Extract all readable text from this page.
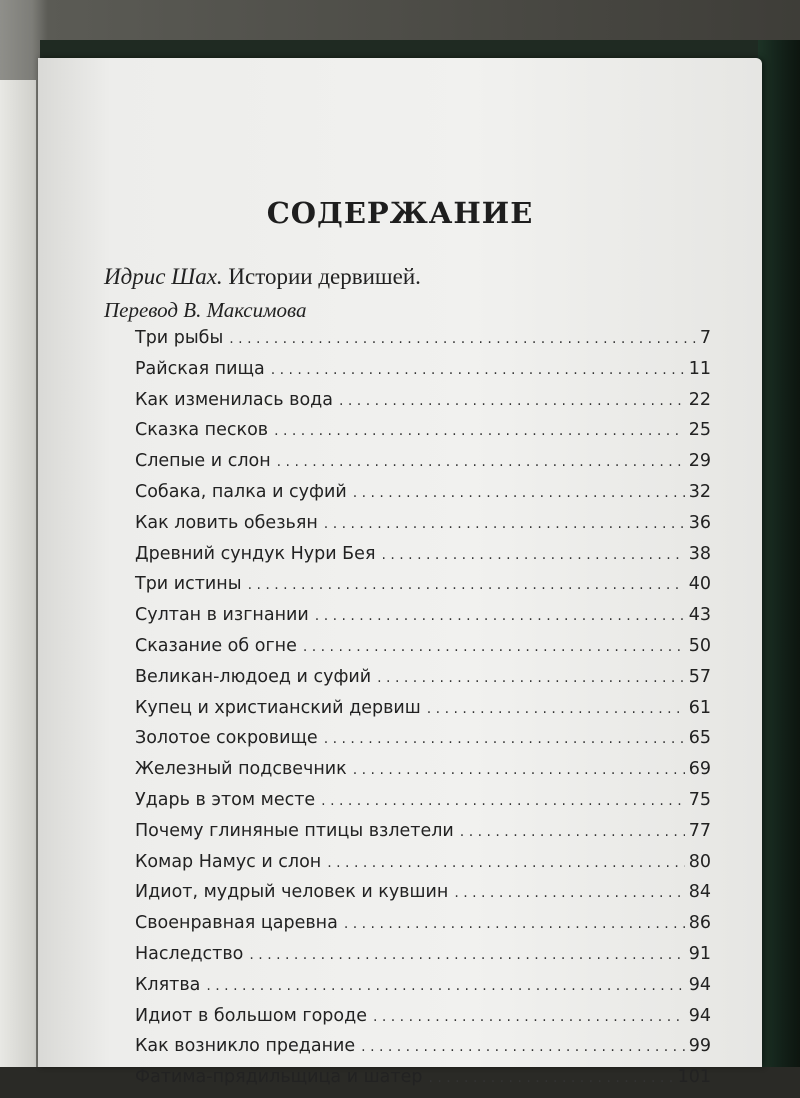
СОДЕРЖАНИЕ
Идрис Шах. Истории дервишей.
Перевод В. Максимова
Три рыбы . . .	7
Райская пища . . .	11
Как изменилась вода . . .	22
Сказка песков . . .	25
Слепые и слон . . .	29
Собака, палка и суфий . . .	32
Как ловить обезьян . . .	36
Древний сундук Нури Бея . . .	38
Три истины . . .	40
Султан в изгнании . . .	43
Сказание об огне . . .	50
Великан-людоед и суфий . . .	57
Купец и христианский дервиш . . .	61
Золотое сокровище . . .	65
Железный подсвечник . . .	69
Ударь в этом месте . . .	75
Почему глиняные птицы взлетели . . .	77
Комар Намус и слон . . .	80
Идиот, мудрый человек и кувшин . . .	84
Своенравная царевна . . .	86
Наследство . . .	91
Клятва . . .	94
Идиот в большом городе . . .	94
Как возникло предание . . .	99
Фатима-прядильщица и шатер . . .	101
